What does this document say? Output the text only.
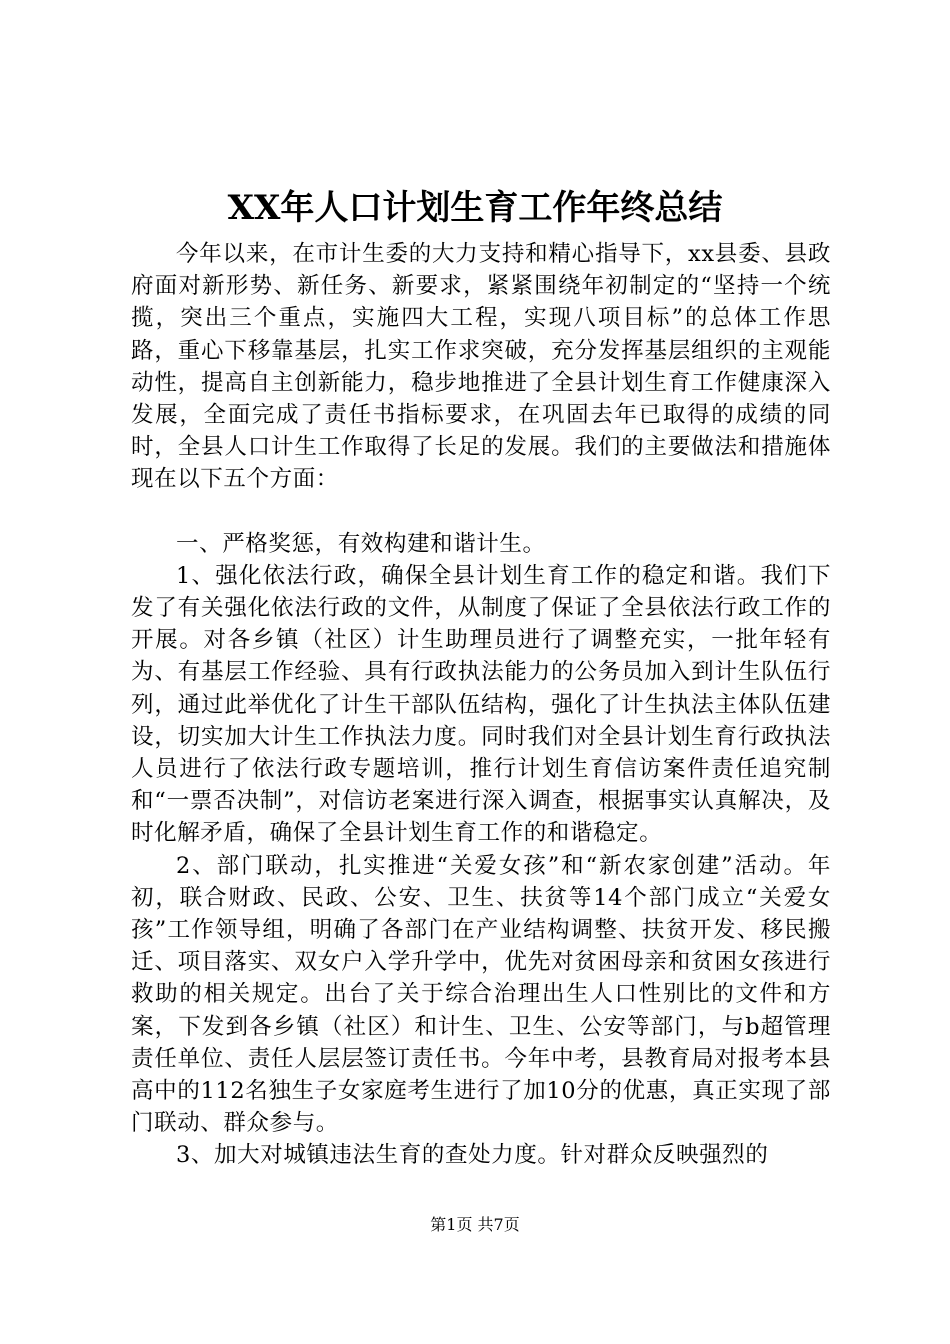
XX年人口计划生育工作年终总结

今年以来，在市计生委的大力支持和精心指导下，xx县委、县政府面对新形势、新任务、新要求，紧紧围绕年初制定的“坚持一个统揽，突出三个重点，实施四大工程，实现八项目标”的总体工作思路，重心下移靠基层，扎实工作求突破，充分发挥基层组织的主观能动性，提高自主创新能力，稳步地推进了全县计划生育工作健康深入发展，全面完成了责任书指标要求，在巩固去年已取得的成绩的同时，全县人口计生工作取得了长足的发展。我们的主要做法和措施体现在以下五个方面：

一、严格奖惩，有效构建和谐计生。

1、强化依法行政，确保全县计划生育工作的稳定和谐。我们下发了有关强化依法行政的文件，从制度了保证了全县依法行政工作的开展。对各乡镇（社区）计生助理员进行了调整充实，一批年轻有为、有基层工作经验、具有行政执法能力的公务员加入到计生队伍行列，通过此举优化了计生干部队伍结构，强化了计生执法主体队伍建设，切实加大计生工作执法力度。同时我们对全县计划生育行政执法人员进行了依法行政专题培训，推行计划生育信访案件责任追究制和“一票否决制”，对信访老案进行深入调查，根据事实认真解决，及时化解矛盾，确保了全县计划生育工作的和谐稳定。

2、部门联动，扎实推进“关爱女孩”和“新农家创建”活动。年初，联合财政、民政、公安、卫生、扶贫等14个部门成立“关爱女孩”工作领导组，明确了各部门在产业结构调整、扶贫开发、移民搬迁、项目落实、双女户入学升学中，优先对贫困母亲和贫困女孩进行救助的相关规定。出台了关于综合治理出生人口性别比的文件和方案，下发到各乡镇（社区）和计生、卫生、公安等部门，与b超管理责任单位、责任人层层签订责任书。今年中考，县教育局对报考本县高中的112名独生子女家庭考生进行了加10分的优惠，真正实现了部门联动、群众参与。

3、加大对城镇违法生育的查处力度。针对群众反映强烈的

第1页 共7页
